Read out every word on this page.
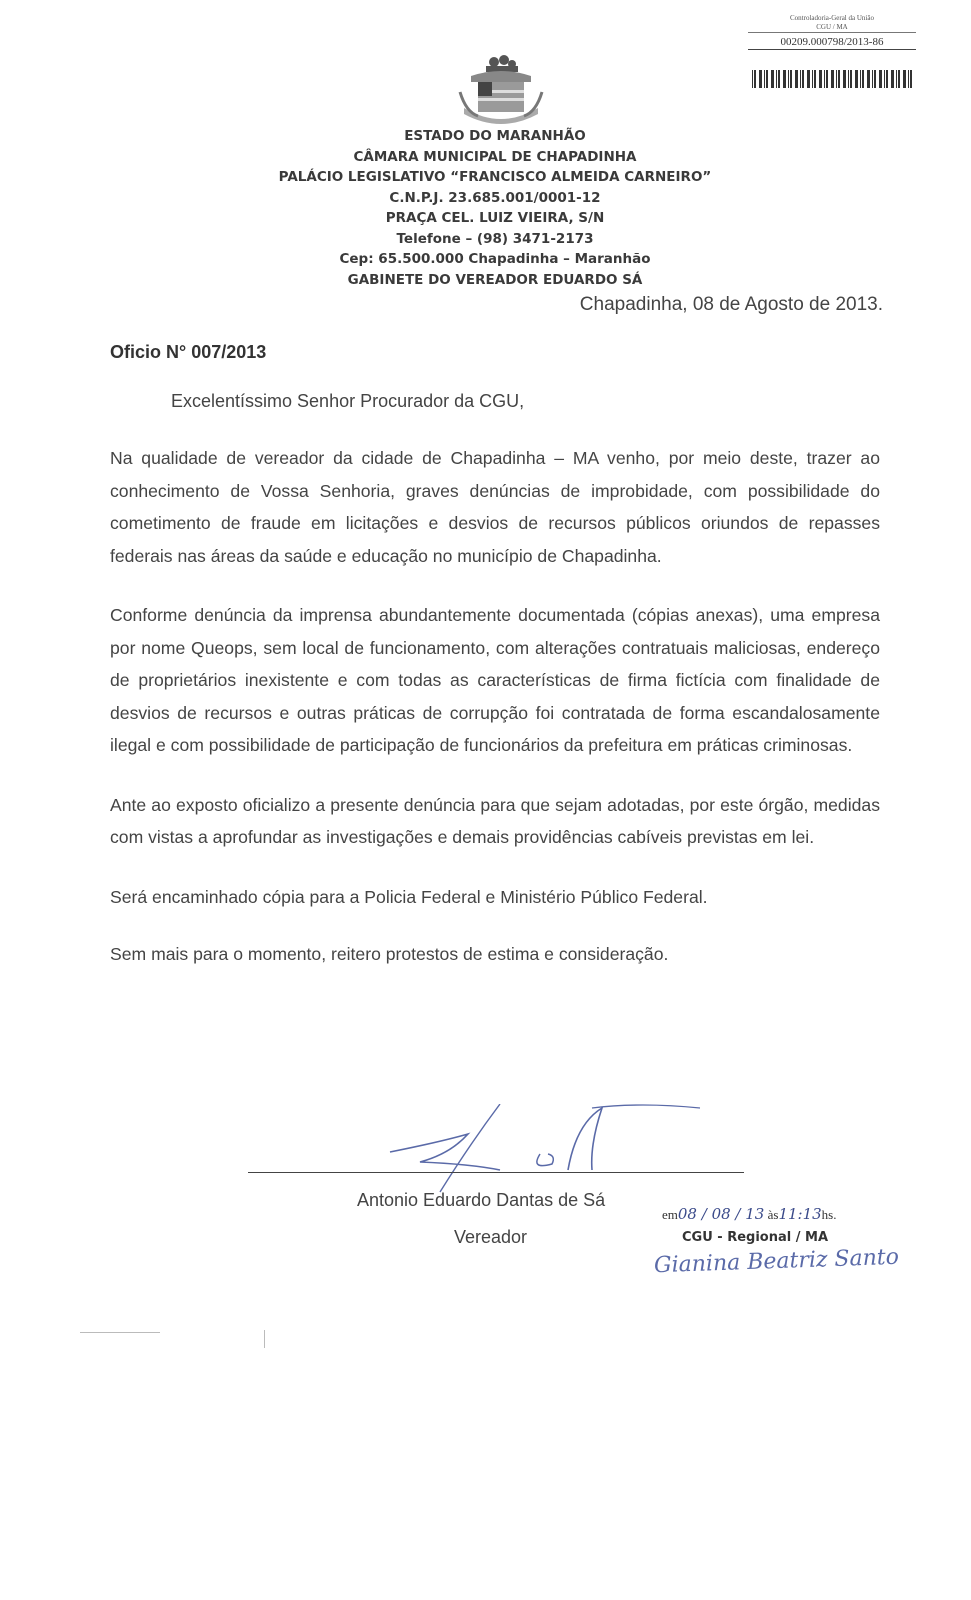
Controladoria-Geral da União
CGU / MA
00209.000798/2013-86
ESTADO DO MARANHÃO
CÂMARA MUNICIPAL DE CHAPADINHA
PALÁCIO LEGISLATIVO “FRANCISCO ALMEIDA CARNEIRO”
C.N.P.J. 23.685.001/0001-12
PRAÇA CEL. LUIZ VIEIRA, S/N
Telefone – (98) 3471-2173
Cep: 65.500.000 Chapadinha – Maranhão
GABINETE DO VEREADOR EDUARDO SÁ
Chapadinha, 08 de Agosto de 2013.
Oficio N° 007/2013
Excelentíssimo Senhor Procurador da CGU,

Na qualidade de vereador da cidade de Chapadinha – MA venho, por meio deste, trazer ao conhecimento de Vossa Senhoria, graves denúncias de improbidade, com possibilidade do cometimento de fraude em licitações e desvios de recursos públicos oriundos de repasses federais nas áreas da saúde e educação no município de Chapadinha.

Conforme denúncia da imprensa abundantemente documentada (cópias anexas), uma empresa por nome Queops, sem local de funcionamento, com alterações contratuais maliciosas, endereço de proprietários inexistente e com todas as características de firma fictícia com finalidade de desvios de recursos e outras práticas de corrupção foi contratada de forma escandalosamente ilegal e com possibilidade de participação de funcionários da prefeitura em práticas criminosas.

Ante ao exposto oficializo a presente denúncia para que sejam adotadas, por este órgão, medidas com vistas a aprofundar as investigações e demais providências cabíveis previstas em lei.

Será encaminhado cópia para a Policia Federal e Ministério Público Federal.

Sem mais para o momento, reitero protestos de estima e consideração.

Antonio Eduardo Dantas de Sá
Vereador
em08 / 08 / 13 às11:13hs.
CGU - Regional / MA
Gianina Beatriz Santo
